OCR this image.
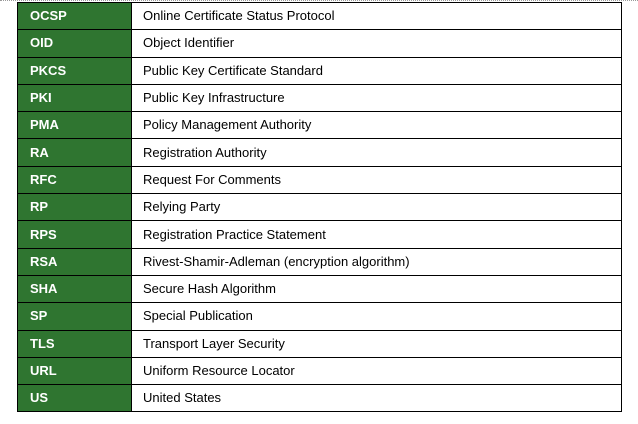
OCSP	Online Certificate Status Protocol
OID	Object Identifier
PKCS	Public Key Certificate Standard
PKI	Public Key Infrastructure
PMA	Policy Management Authority
RA	Registration Authority
RFC	Request For Comments
RP	Relying Party
RPS	Registration Practice Statement
RSA	Rivest-Shamir-Adleman (encryption algorithm)
SHA	Secure Hash Algorithm
SP	Special Publication
TLS	Transport Layer Security
URL	Uniform Resource Locator
US	United States
